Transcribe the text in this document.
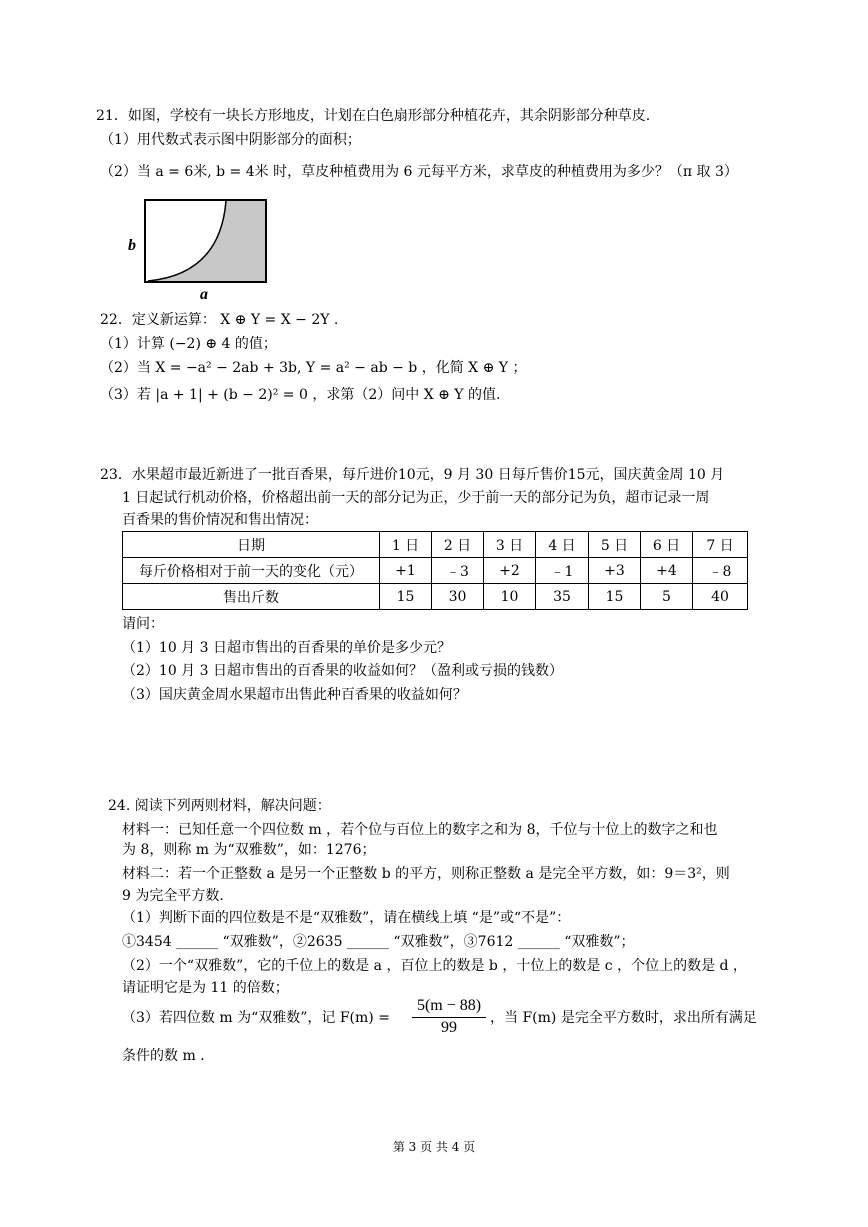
21．如图，学校有一块长方形地皮，计划在白色扇形部分种植花卉，其余阴影部分种草皮.
（1）用代数式表示图中阴影部分的面积；
（2）当 a = 6米, b = 4米 时，草皮种植费用为 6 元每平方米，求草皮的种植费用为多少？（π 取 3）
b
a
22．定义新运算： X ⊕ Y = X − 2Y .
（1）计算 (−2) ⊕ 4 的值；
（2）当 X = −a² − 2ab + 3b, Y = a² − ab − b ，化简 X ⊕ Y ；
（3）若 |a + 1| + (b − 2)² = 0 ，求第（2）问中 X ⊕ Y 的值.
23．水果超市最近新进了一批百香果，每斤进价10元，9 月 30 日每斤售价15元，国庆黄金周 10 月
1 日起试行机动价格，价格超出前一天的部分记为正，少于前一天的部分记为负，超市记录一周
百香果的售价情况和售出情况：
日期	1 日	2 日	3 日	4 日	5 日	6 日	7 日
每斤价格相对于前一天的变化（元）	+1	﹣3	+2	﹣1	+3	+4	﹣8
售出斤数	15	30	10	35	15	5	40
请问：
（1）10 月 3 日超市售出的百香果的单价是多少元？
（2）10 月 3 日超市售出的百香果的收益如何？（盈利或亏损的钱数）
（3）国庆黄金周水果超市出售此种百香果的收益如何？
24. 阅读下列两则材料，解决问题：
材料一：已知任意一个四位数 m ，若个位与百位上的数字之和为 8，千位与十位上的数字之和也
为 8，则称 m 为“双雅数”，如：1276；
材料二：若一个正整数 a 是另一个正整数 b 的平方，则称正整数 a 是完全平方数，如：9＝3²，则
9 为完全平方数.
（1）判断下面的四位数是不是“双雅数”，请在横线上填 “是”或“不是”：
①3454 ______ “双雅数”，②2635 ______ “双雅数”，③7612 ______ “双雅数”；
（2）一个“双雅数”，它的千位上的数是 a ，百位上的数是 b ，十位上的数是 c ，个位上的数是 d ，
请证明它是为 11 的倍数；
（3）若四位数 m 为“双雅数”，记 $F(m) = \frac{5(m - 88)}{99}$ ，当 F(m) 是完全平方数时，求出所有满足
条件的数 m .
第 3 页 共 4 页
